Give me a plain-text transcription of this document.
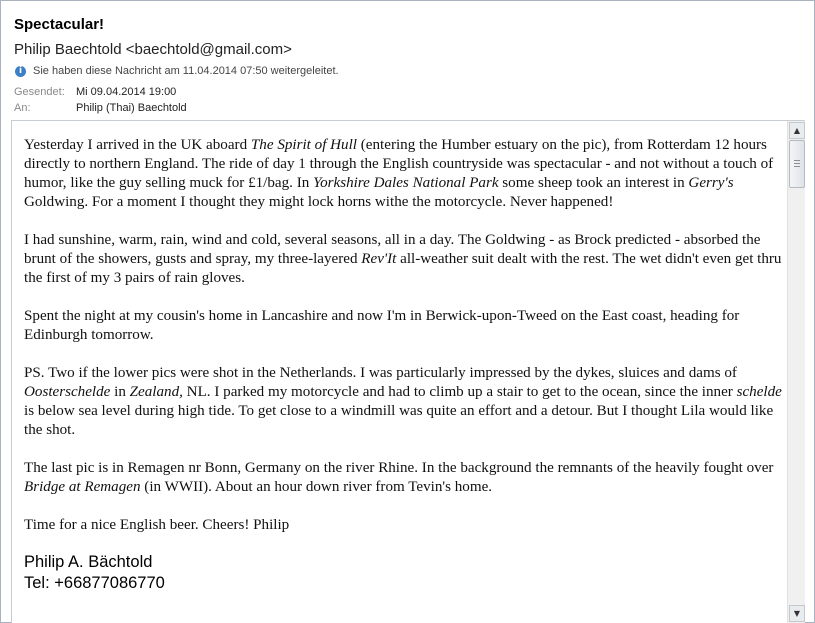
Spectacular!
Philip Baechtold <baechtold@gmail.com>
i Sie haben diese Nachricht am 11.04.2014 07:50 weitergeleitet.
Gesendet:	Mi 09.04.2014 19:00
An:	Philip (Thai) Baechtold

Yesterday I arrived in the UK aboard The Spirit of Hull (entering the Humber estuary on the pic), from Rotterdam 12 hours directly to northern England. The ride of day 1 through the English countryside was spectacular - and not without a touch of humor, like the guy selling muck for £1/bag. In Yorkshire Dales National Park some sheep took an interest in Gerry's Goldwing. For a moment I thought they might lock horns withe the motorcycle. Never happened!

I had sunshine, warm, rain, wind and cold, several seasons, all in a day. The Goldwing - as Brock predicted - absorbed the brunt of the showers, gusts and spray, my three-layered Rev'It all-weather suit dealt with the rest. The wet didn't even get thru the first of my 3 pairs of rain gloves.

Spent the night at my cousin's home in Lancashire and now I'm in Berwick-upon-Tweed on the East coast, heading for Edinburgh tomorrow.

PS. Two if the lower pics were shot in the Netherlands. I was particularly impressed by the dykes, sluices and dams of Oosterschelde in Zealand, NL. I parked my motorcycle and had to climb up a stair to get to the ocean, since the inner schelde is below sea level during high tide. To get close to a windmill was quite an effort and a detour. But I thought Lila would like the shot.

The last pic is in Remagen nr Bonn, Germany on the river Rhine. In the background the remnants of the heavily fought over Bridge at Remagen (in WWII). About an hour down river from Tevin's home.

Time for a nice English beer. Cheers! Philip

Philip A. Bächtold
Tel: +66877086770
▲
▼
